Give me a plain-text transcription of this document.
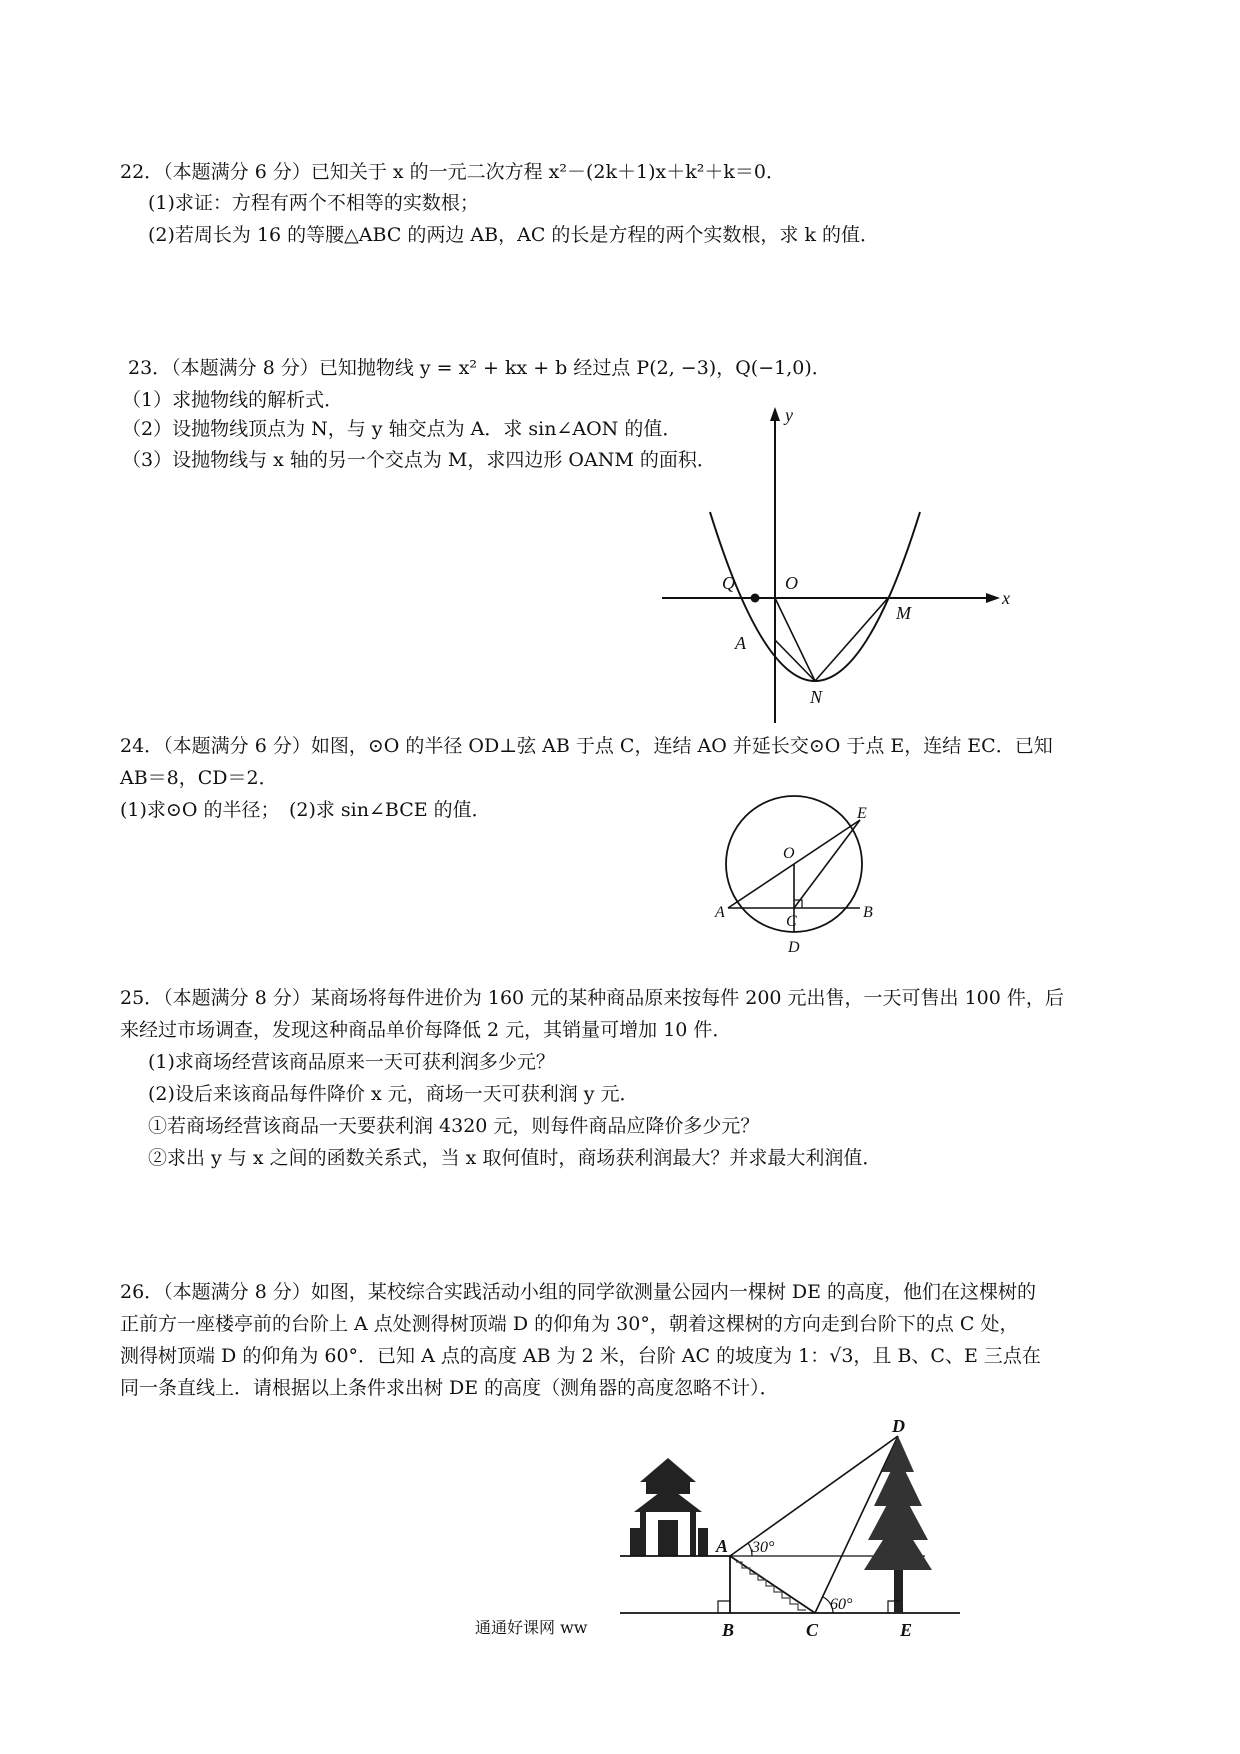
22．（本题满分 6 分）已知关于 x 的一元二次方程 x²－(2k＋1)x＋k²＋k＝0．
(1)求证：方程有两个不相等的实数根；
(2)若周长为 16 的等腰△ABC 的两边 AB，AC 的长是方程的两个实数根，求 k 的值．
23．（本题满分 8 分）已知抛物线 y = x² + kx + b 经过点 P(2, −3)，Q(−1,0)．
（1）求抛物线的解析式．
（2）设抛物线顶点为 N，与 y 轴交点为 A．求 sin∠AON 的值．
（3）设抛物线与 x 轴的另一个交点为 M，求四边形 OANM 的面积．
y
x
Q	O
M
A
N
24．（本题满分 6 分）如图，⊙O 的半径 OD⊥弦 AB 于点 C，连结 AO 并延长交⊙O 于点 E，连结 EC．已知
AB＝8，CD＝2．
(1)求⊙O 的半径；　(2)求 sin∠BCE 的值．	E
O
A
C
B
D
25．（本题满分 8 分）某商场将每件进价为 160 元的某种商品原来按每件 200 元出售，一天可售出 100 件，后
来经过市场调查，发现这种商品单价每降低 2 元，其销量可增加 10 件．
(1)求商场经营该商品原来一天可获利润多少元？
(2)设后来该商品每件降价 x 元，商场一天可获利润 y 元．
①若商场经营该商品一天要获利润 4320 元，则每件商品应降价多少元？
②求出 y 与 x 之间的函数关系式，当 x 取何值时，商场获利润最大？并求最大利润值．
26．（本题满分 8 分）如图，某校综合实践活动小组的同学欲测量公园内一棵树 DE 的高度，他们在这棵树的
正前方一座楼亭前的台阶上 A 点处测得树顶端 D 的仰角为 30°，朝着这棵树的方向走到台阶下的点 C 处，
测得树顶端 D 的仰角为 60°．已知 A 点的高度 AB 为 2 米，台阶 AC 的坡度为 1：√3，且 B、C、E 三点在
同一条直线上．请根据以上条件求出树 DE 的高度（测角器的高度忽略不计）．
D
A 30°
60°
B	C	E
通通好课网 ww
